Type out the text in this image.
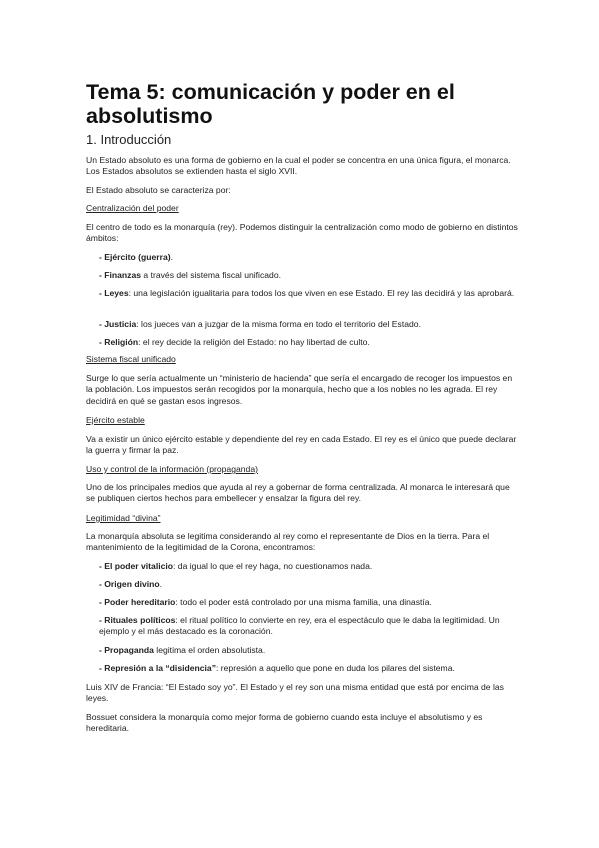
Tema 5: comunicación y poder en el absolutismo
1. Introducción

Un Estado absoluto es una forma de gobierno en la cual el poder se concentra en una única figura, el monarca. Los Estados absolutos se extienden hasta el siglo XVII.

El Estado absoluto se caracteriza por:

Centralización del poder

El centro de todo es la monarquía (rey). Podemos distinguir la centralización como modo de gobierno en distintos ámbitos:

- Ejército (guerra).

- Finanzas a través del sistema fiscal unificado.

- Leyes: una legislación igualitaria para todos los que viven en ese Estado. El rey las decidirá y las aprobará.

- Justicia: los jueces van a juzgar de la misma forma en todo el territorio del Estado.

- Religión: el rey decide la religión del Estado: no hay libertad de culto.

Sistema fiscal unificado

Surge lo que sería actualmente un “ministerio de hacienda” que sería el encargado de recoger los impuestos en la población. Los impuestos serán recogidos por la monarquía, hecho que a los nobles no les agrada. El rey decidirá en qué se gastan esos ingresos.

Ejército estable

Va a existir un único ejército estable y dependiente del rey en cada Estado. El rey es el único que puede declarar la guerra y firmar la paz.

Uso y control de la información (propaganda)

Uno de los principales medios que ayuda al rey a gobernar de forma centralizada. Al monarca le interesará que se publiquen ciertos hechos para embellecer y ensalzar la figura del rey.

Legitimidad “divina”

La monarquía absoluta se legitima considerando al rey como el representante de Dios en la tierra. Para el mantenimiento de la legitimidad de la Corona, encontramos:

- El poder vitalicio: da igual lo que el rey haga, no cuestionamos nada.

- Origen divino.

- Poder hereditario: todo el poder está controlado por una misma familia, una dinastía.

- Rituales políticos: el ritual político lo convierte en rey, era el espectáculo que le daba la legitimidad. Un ejemplo y el más destacado es la coronación.

- Propaganda legitima el orden absolutista.

- Represión a la “disidencia”: represión a aquello que pone en duda los pilares del sistema.

Luis XIV de Francia: “El Estado soy yo”. El Estado y el rey son una misma entidad que está por encima de las leyes.

Bossuet considera la monarquía como mejor forma de gobierno cuando esta incluye el absolutismo y es hereditaria.
